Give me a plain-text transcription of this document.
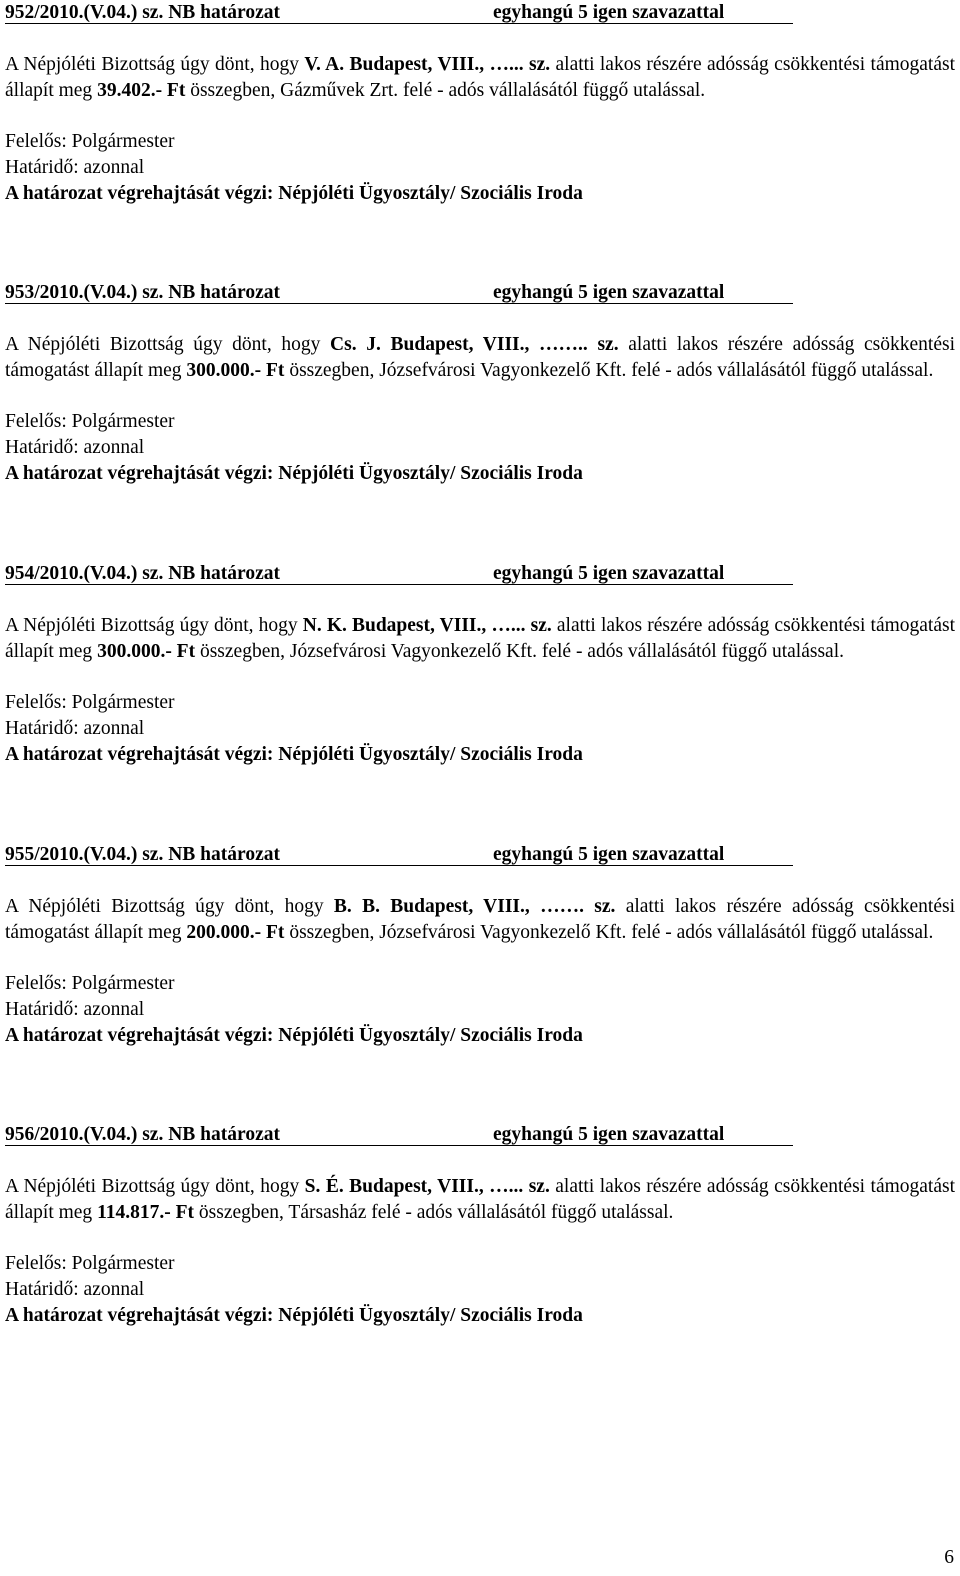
952/2010.(V.04.) sz. NB határozat	egyhangú 5 igen szavazattal
A Népjóléti Bizottság úgy dönt, hogy V. A. Budapest, VIII., …... sz. alatti lakos részére adósság csökkentési támogatást állapít meg 39.402.- Ft összegben, Gázművek Zrt. felé - adós vállalásától függő utalással.
Felelős: Polgármester
Határidő: azonnal
A határozat végrehajtását végzi: Népjóléti Ügyosztály/ Szociális Iroda
953/2010.(V.04.) sz. NB határozat	egyhangú 5 igen szavazattal
A Népjóléti Bizottság úgy dönt, hogy Cs. J. Budapest, VIII., …….. sz. alatti lakos részére adósság csökkentési támogatást állapít meg 300.000.- Ft összegben, Józsefvárosi Vagyonkezelő Kft. felé - adós vállalásától függő utalással.
Felelős: Polgármester
Határidő: azonnal
A határozat végrehajtását végzi: Népjóléti Ügyosztály/ Szociális Iroda
954/2010.(V.04.) sz. NB határozat	egyhangú 5 igen szavazattal
A Népjóléti Bizottság úgy dönt, hogy N. K. Budapest, VIII., …... sz. alatti lakos részére adósság csökkentési támogatást állapít meg 300.000.- Ft összegben, Józsefvárosi Vagyonkezelő Kft. felé - adós vállalásától függő utalással.
Felelős: Polgármester
Határidő: azonnal
A határozat végrehajtását végzi: Népjóléti Ügyosztály/ Szociális Iroda
955/2010.(V.04.) sz. NB határozat	egyhangú 5 igen szavazattal
A Népjóléti Bizottság úgy dönt, hogy B. B. Budapest, VIII., ……. sz. alatti lakos részére adósság csökkentési támogatást állapít meg 200.000.- Ft összegben, Józsefvárosi Vagyonkezelő Kft. felé - adós vállalásától függő utalással.
Felelős: Polgármester
Határidő: azonnal
A határozat végrehajtását végzi: Népjóléti Ügyosztály/ Szociális Iroda
956/2010.(V.04.) sz. NB határozat	egyhangú 5 igen szavazattal
A Népjóléti Bizottság úgy dönt, hogy S. É. Budapest, VIII., …... sz. alatti lakos részére adósság csökkentési támogatást állapít meg 114.817.- Ft összegben, Társasház felé - adós vállalásától függő utalással.
Felelős: Polgármester
Határidő: azonnal
A határozat végrehajtását végzi: Népjóléti Ügyosztály/ Szociális Iroda
6
